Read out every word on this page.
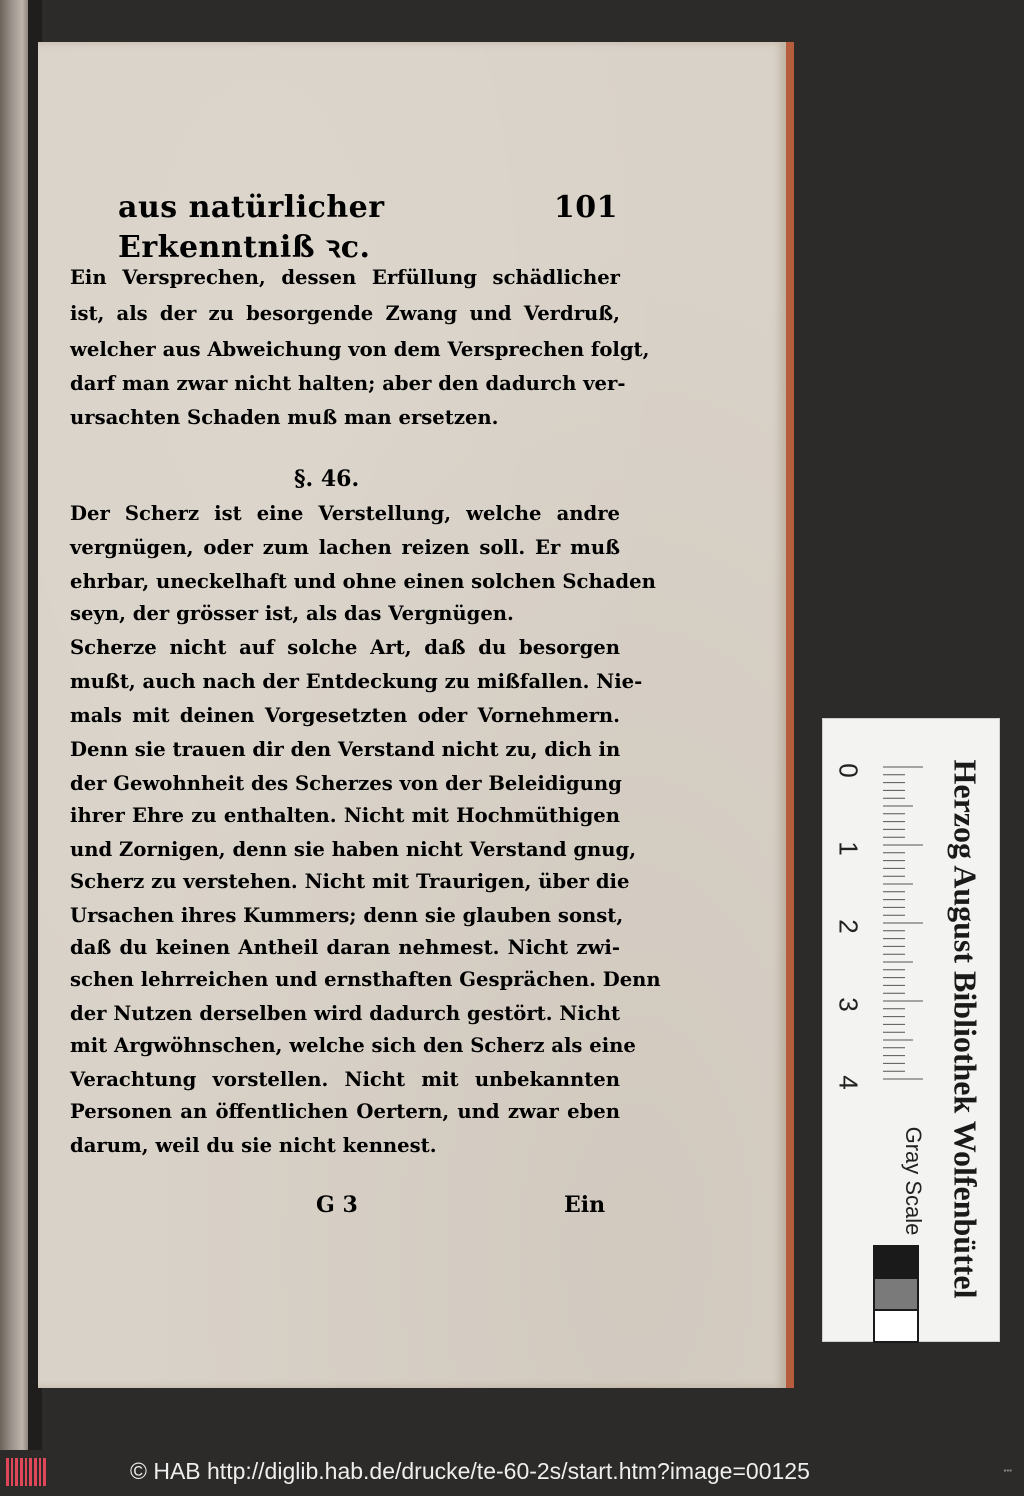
aus natürlicher Erkenntniß ꝛc.
101
Ein Versprechen, dessen Erfüllung schädlicher
ist, als der zu besorgende Zwang und Verdruß,
welcher aus Abweichung von dem Versprechen folgt,
darf man zwar nicht halten; aber den dadurch ver-
ursachten Schaden muß man ersetzen.
§. 46.
Der Scherz ist eine Verstellung, welche andre
vergnügen, oder zum lachen reizen soll. Er muß
ehrbar, uneckelhaft und ohne einen solchen Schaden
seyn, der grösser ist, als das Vergnügen.
Scherze nicht auf solche Art, daß du besorgen
mußt, auch nach der Entdeckung zu mißfallen. Nie-
mals mit deinen Vorgesetzten oder Vornehmern.
Denn sie trauen dir den Verstand nicht zu, dich in
der Gewohnheit des Scherzes von der Beleidigung
ihrer Ehre zu enthalten. Nicht mit Hochmüthigen
und Zornigen, denn sie haben nicht Verstand gnug,
Scherz zu verstehen. Nicht mit Traurigen, über die
Ursachen ihres Kummers; denn sie glauben sonst,
daß du keinen Antheil daran nehmest. Nicht zwi-
schen lehrreichen und ernsthaften Gesprächen. Denn
der Nutzen derselben wird dadurch gestört. Nicht
mit Argwöhnschen, welche sich den Scherz als eine
Verachtung vorstellen. Nicht mit unbekannten
Personen an öffentlichen Oertern, und zwar eben
darum, weil du sie nicht kennest.
G 3	Ein
0
1
2
3
4	Herzog August Bibliothek Wolfenbüttel
Gray Scale
© HAB http://diglib.hab.de/drucke/te-60-2s/start.htm?image=00125	▪▪▪
